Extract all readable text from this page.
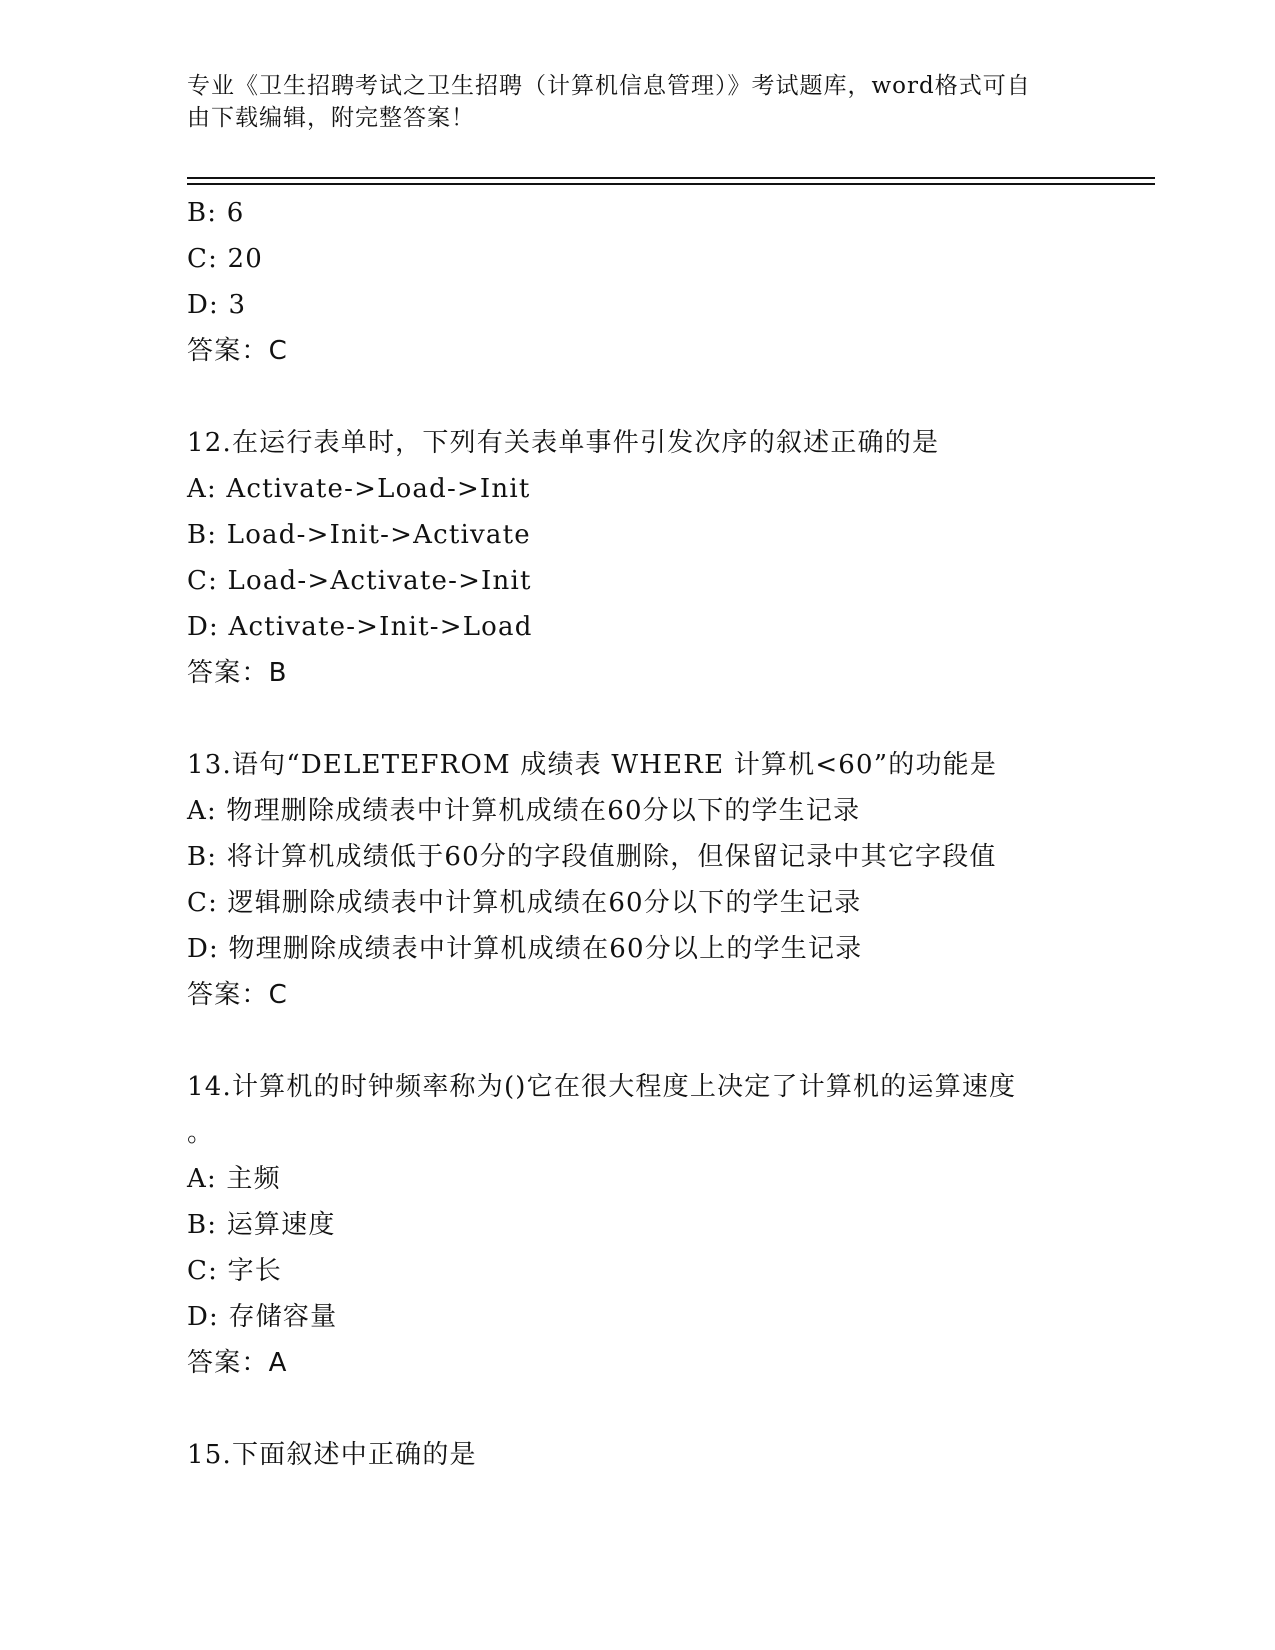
专业《卫生招聘考试之卫生招聘（计算机信息管理）》考试题库，word格式可自
由下载编辑，附完整答案！
B: 6
C: 20
D: 3
答案：C
12.在运行表单时，下列有关表单事件引发次序的叙述正确的是
A: Activate->Load->Init
B: Load->Init->Activate
C: Load->Activate->Init
D: Activate->Init->Load
答案：B
13.语句“DELETEFROM 成绩表 WHERE 计算机<60”的功能是
A: 物理删除成绩表中计算机成绩在60分以下的学生记录
B: 将计算机成绩低于60分的字段值删除，但保留记录中其它字段值
C: 逻辑删除成绩表中计算机成绩在60分以下的学生记录
D: 物理删除成绩表中计算机成绩在60分以上的学生记录
答案：C
14.计算机的时钟频率称为()它在很大程度上决定了计算机的运算速度
。
A: 主频
B: 运算速度
C: 字长
D: 存储容量
答案：A
15.下面叙述中正确的是
